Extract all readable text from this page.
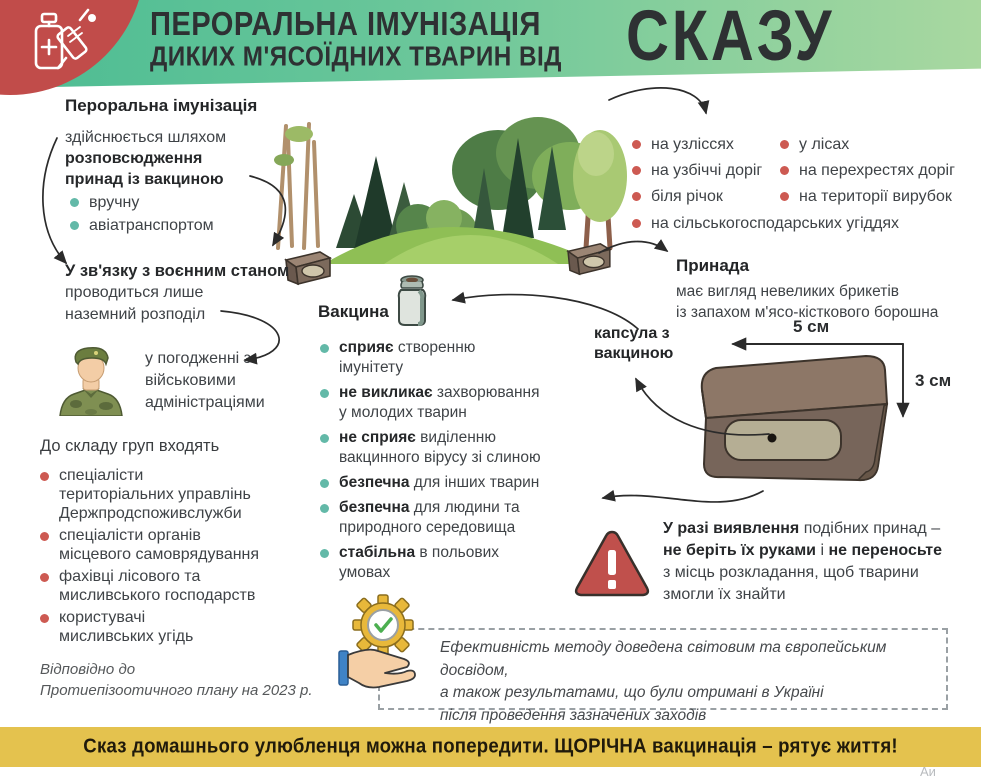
ПЕРОРАЛЬНА ІМУНІЗАЦІЯ
ДИКИХ М'ЯСОЇДНИХ ТВАРИН ВІД СКАЗУ
Пероральна імунізація
здійснюється шляхом
розповсюдження
принад із вакциною
вручну
авіатранспортом
У зв'язку з воєнним станом
проводиться лише
наземний розподіл
у погодженні з
військовими
адміністраціями
До складу груп входять
спеціалісти
територіальних управлінь
Держпродспоживслужби
спеціалісти органів
місцевого самоврядування
фахівці лісового та
мисливського господарств
користувачі
мисливських угідь
Відповідно до
Протиепізоотичного плану на 2023 р.
на узліссях
на узбіччі доріг
біля річок
у лісах
на перехрестях доріг
на території вирубок
на сільськогосподарських угіддях
Принада
має вигляд невеликих брикетів
із запахом м'ясо-кісткового борошна
Вакцина
сприяє створенню
імунітету
не викликає захворювання
у молодих тварин
не сприяє виділенню
вакцинного вірусу зі слиною
безпечна для інших тварин
безпечна для людини та
природного середовища
стабільна в польових
умовах
капсула з
вакциною
5 см
3 см
У разі виявлення подібних принад –
не беріть їх руками і не переносьте
з місць розкладання, щоб тварини
змогли їх знайти
Ефективність методу доведена світовим та європейським досвідом,
а також результатами, що були отримані в Україні
після проведення зазначених заходів
Сказ домашнього улюбленця можна попередити. ЩОРІЧНА вакцинація – рятує життя!
Аи
